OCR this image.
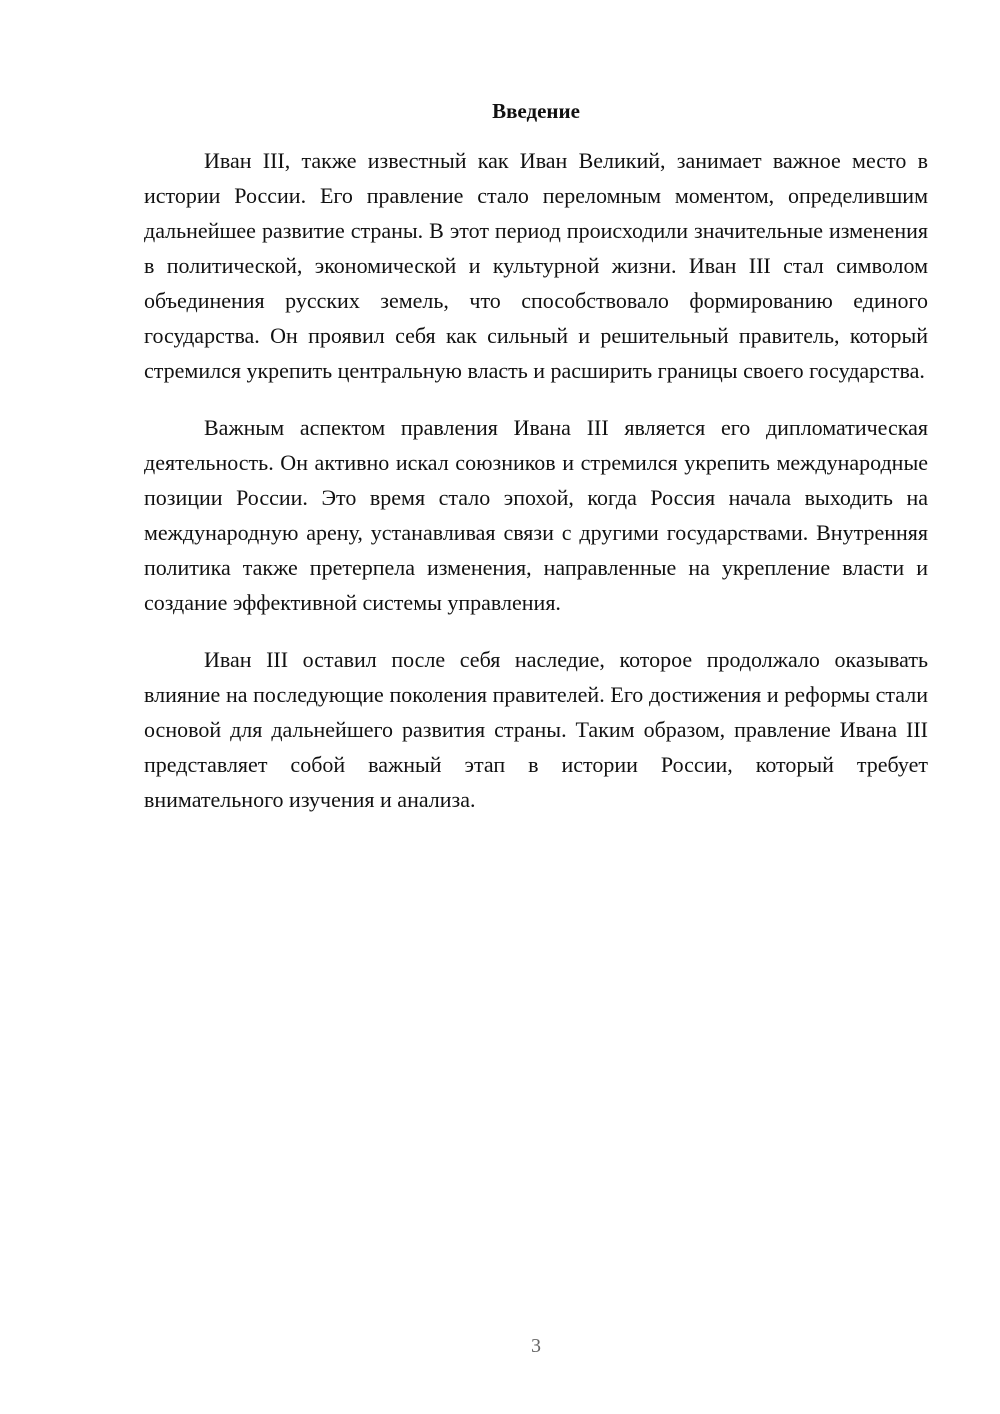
Введение

Иван III, также известный как Иван Великий, занимает важное место в истории России. Его правление стало переломным моментом, определившим дальнейшее развитие страны. В этот период происходили значительные изменения в политической, экономической и культурной жизни. Иван III стал символом объединения русских земель, что способствовало формированию единого государства. Он проявил себя как сильный и решительный правитель, который стремился укрепить центральную власть и расширить границы своего государства.

Важным аспектом правления Ивана III является его дипломатическая деятельность. Он активно искал союзников и стремился укрепить международные позиции России. Это время стало эпохой, когда Россия начала выходить на международную арену, устанавливая связи с другими государствами. Внутренняя политика также претерпела изменения, направленные на укрепление власти и создание эффективной системы управления.

Иван III оставил после себя наследие, которое продолжало оказывать влияние на последующие поколения правителей. Его достижения и реформы стали основой для дальнейшего развития страны. Таким образом, правление Ивана III представляет собой важный этап в истории России, который требует внимательного изучения и анализа.

3
